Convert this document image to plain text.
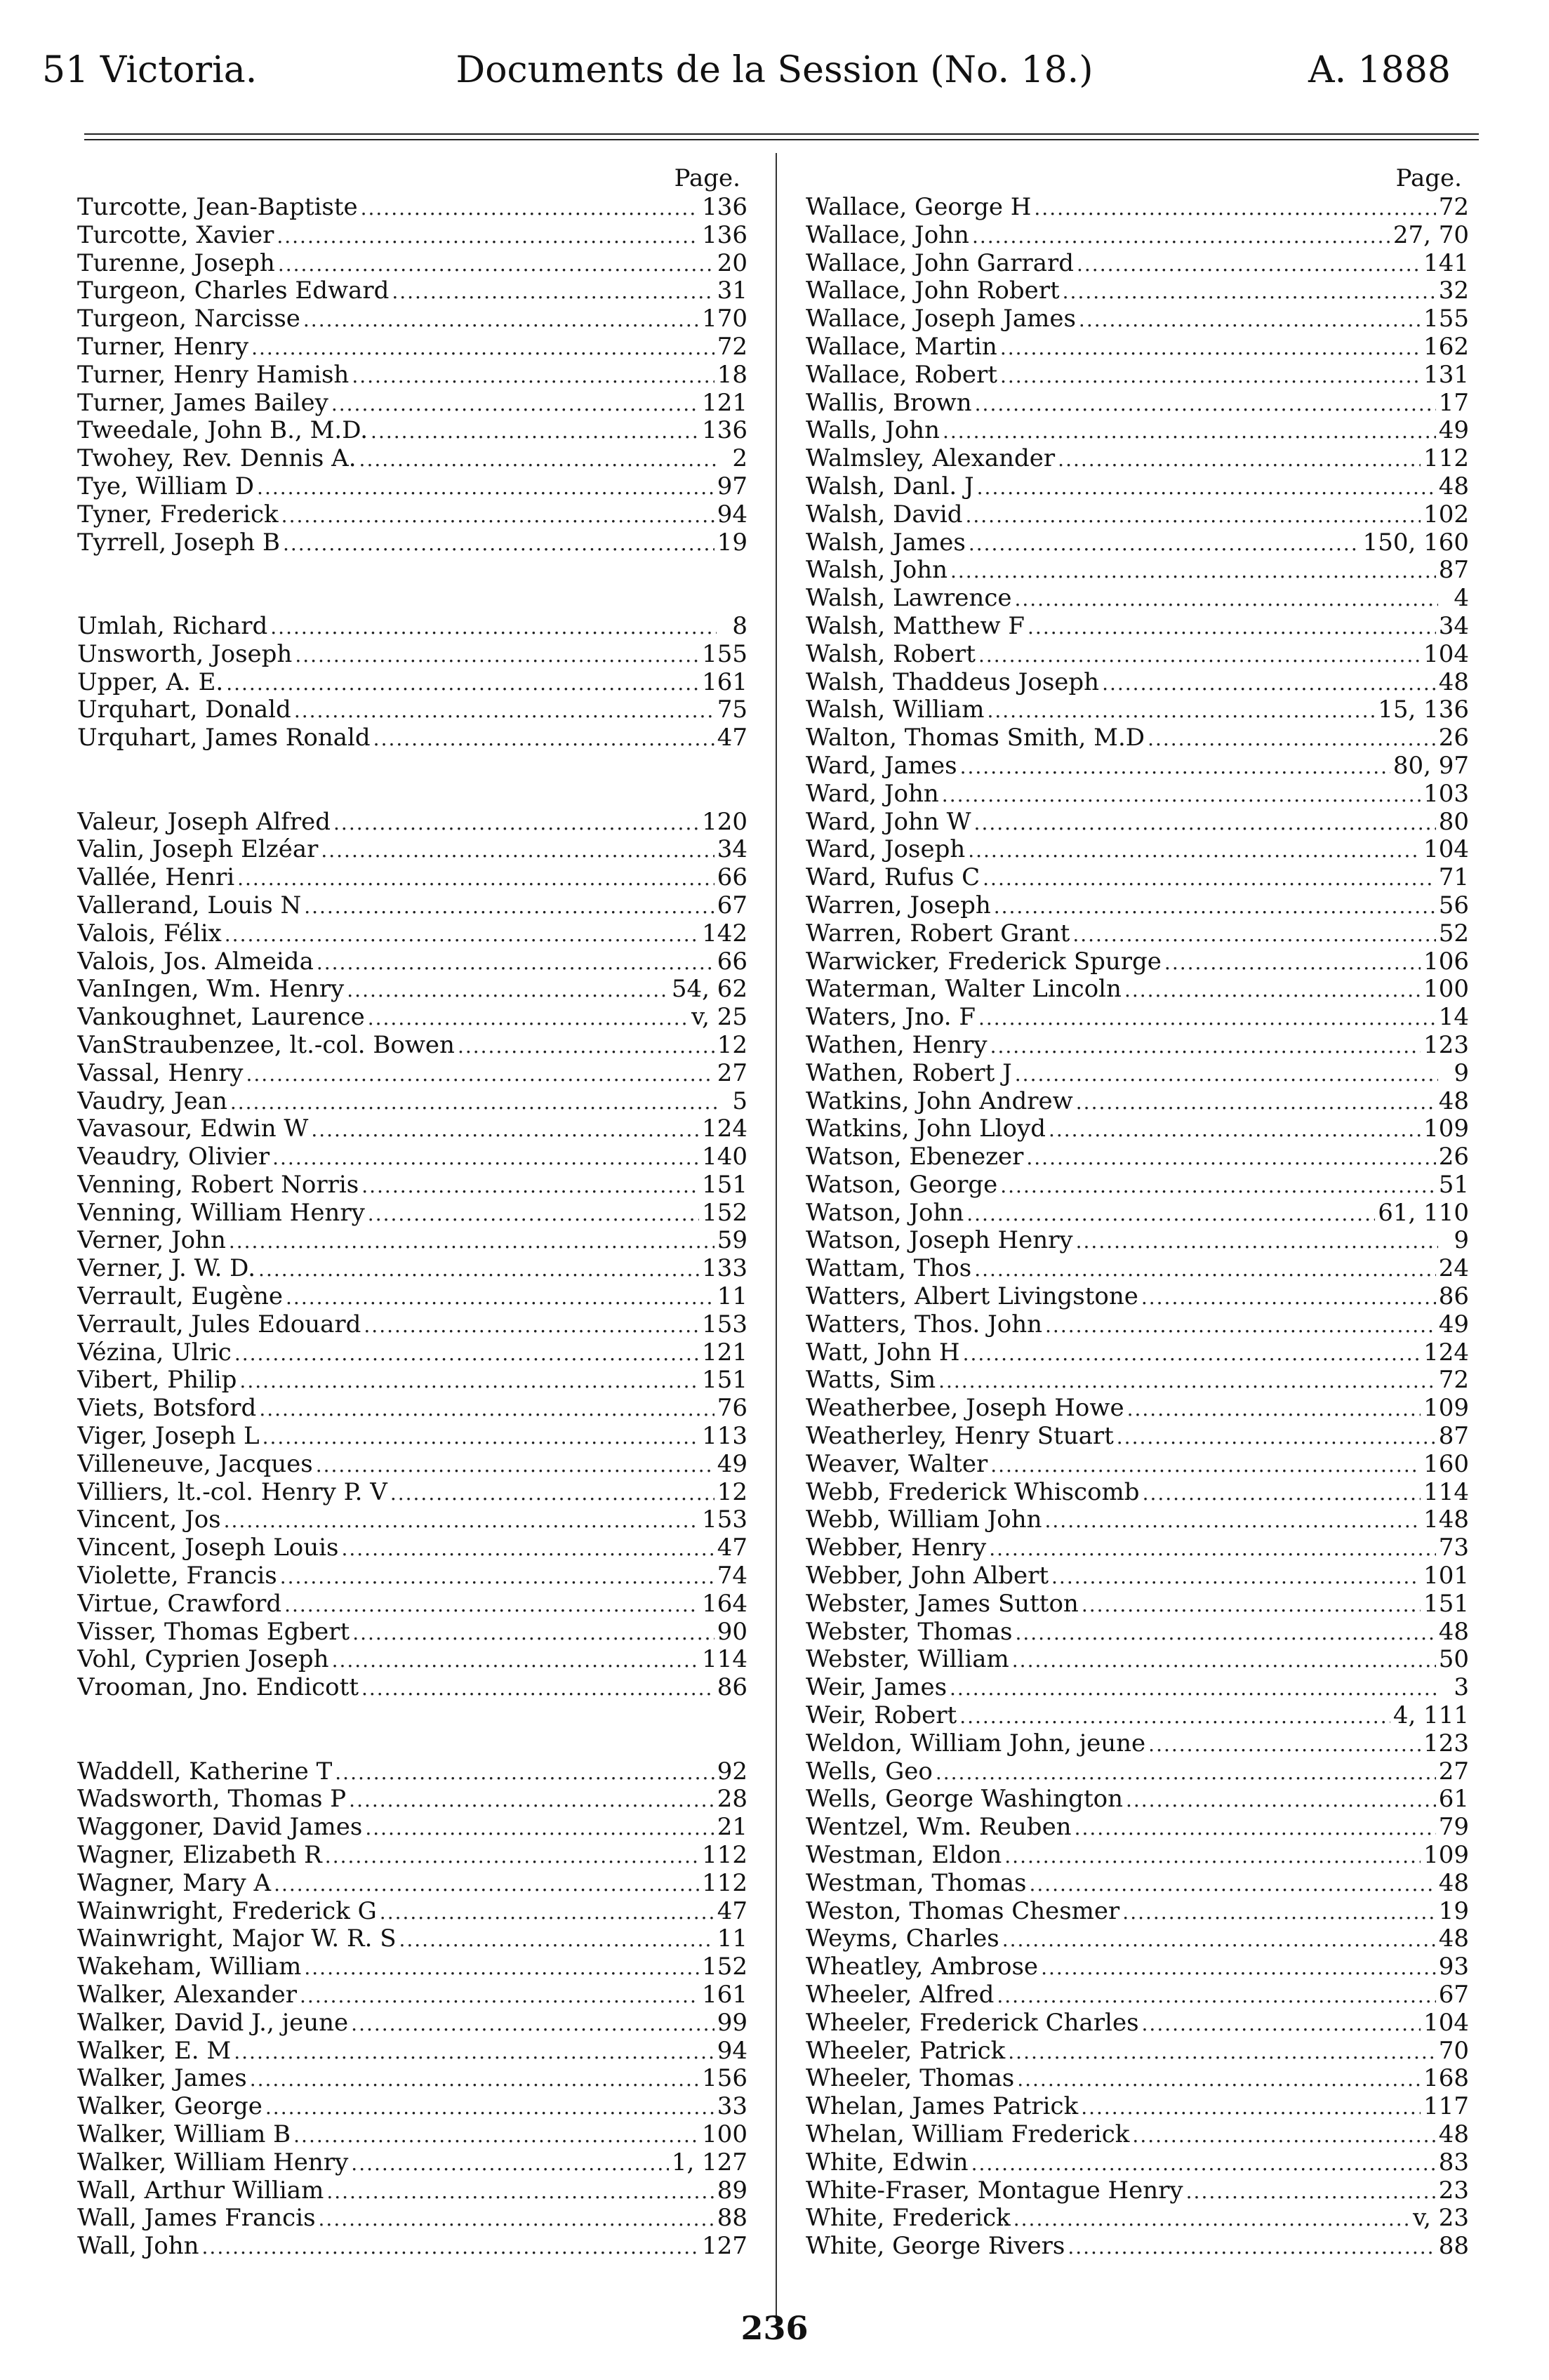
51 Victoria.	Documents de la Session (No. 18.)	A. 1888
Page.
Turcotte, Jean-Baptiste .....	136
Turcotte, Xavier .....	136
Turenne, Joseph .....	20
Turgeon, Charles Edward .....	31
Turgeon, Narcisse .....	170
Turner, Henry .....	72
Turner, Henry Hamish .....	18
Turner, James Bailey .....	121
Tweedale, John B., M.D. .....	136
Twohey, Rev. Dennis A. .....	2
Tye, William D .....	97
Tyner, Frederick .....	94
Tyrrell, Joseph B .....	19
Umlah, Richard .....	8
Unsworth, Joseph .....	155
Upper, A. E. .....	161
Urquhart, Donald .....	75
Urquhart, James Ronald .....	47
Valeur, Joseph Alfred .....	120
Valin, Joseph Elzéar .....	34
Vallée, Henri .....	66
Vallerand, Louis N .....	67
Valois, Félix .....	142
Valois, Jos. Almeida .....	66
VanIngen, Wm. Henry .....	54, 62
Vankoughnet, Laurence .....	v, 25
VanStraubenzee, lt.-col. Bowen .....	12
Vassal, Henry .....	27
Vaudry, Jean .....	5
Vavasour, Edwin W .....	124
Veaudry, Olivier .....	140
Venning, Robert Norris .....	151
Venning, William Henry .....	152
Verner, John .....	59
Verner, J. W. D. .....	133
Verrault, Eugène .....	11
Verrault, Jules Edouard .....	153
Vézina, Ulric .....	121
Vibert, Philip .....	151
Viets, Botsford .....	76
Viger, Joseph L .....	113
Villeneuve, Jacques .....	49
Villiers, lt.-col. Henry P. V .....	12
Vincent, Jos .....	153
Vincent, Joseph Louis .....	47
Violette, Francis .....	74
Virtue, Crawford .....	164
Visser, Thomas Egbert .....	90
Vohl, Cyprien Joseph .....	114
Vrooman, Jno. Endicott .....	86
Waddell, Katherine T .....	92
Wadsworth, Thomas P .....	28
Waggoner, David James .....	21
Wagner, Elizabeth R .....	112
Wagner, Mary A .....	112
Wainwright, Frederick G .....	47
Wainwright, Major W. R. S .....	11
Wakeham, William .....	152
Walker, Alexander .....	161
Walker, David J., jeune .....	99
Walker, E. M .....	94
Walker, James .....	156
Walker, George .....	33
Walker, William B .....	100
Walker, William Henry .....	1, 127
Wall, Arthur William .....	89
Wall, James Francis .....	88
Wall, John .....	127
Page.
Wallace, George H .....	72
Wallace, John .....	27, 70
Wallace, John Garrard .....	141
Wallace, John Robert .....	32
Wallace, Joseph James .....	155
Wallace, Martin .....	162
Wallace, Robert .....	131
Wallis, Brown .....	17
Walls, John .....	49
Walmsley, Alexander .....	112
Walsh, Danl. J .....	48
Walsh, David .....	102
Walsh, James .....	150, 160
Walsh, John .....	87
Walsh, Lawrence .....	4
Walsh, Matthew F .....	34
Walsh, Robert .....	104
Walsh, Thaddeus Joseph .....	48
Walsh, William .....	15, 136
Walton, Thomas Smith, M.D .....	26
Ward, James .....	80, 97
Ward, John .....	103
Ward, John W .....	80
Ward, Joseph .....	104
Ward, Rufus C .....	71
Warren, Joseph .....	56
Warren, Robert Grant .....	52
Warwicker, Frederick Spurge .....	106
Waterman, Walter Lincoln .....	100
Waters, Jno. F .....	14
Wathen, Henry .....	123
Wathen, Robert J .....	9
Watkins, John Andrew .....	48
Watkins, John Lloyd .....	109
Watson, Ebenezer .....	26
Watson, George .....	51
Watson, John .....	61, 110
Watson, Joseph Henry .....	9
Wattam, Thos .....	24
Watters, Albert Livingstone .....	86
Watters, Thos. John .....	49
Watt, John H .....	124
Watts, Sim .....	72
Weatherbee, Joseph Howe .....	109
Weatherley, Henry Stuart .....	87
Weaver, Walter .....	160
Webb, Frederick Whiscomb .....	114
Webb, William John .....	148
Webber, Henry .....	73
Webber, John Albert .....	101
Webster, James Sutton .....	151
Webster, Thomas .....	48
Webster, William .....	50
Weir, James .....	3
Weir, Robert .....	4, 111
Weldon, William John, jeune .....	123
Wells, Geo .....	27
Wells, George Washington .....	61
Wentzel, Wm. Reuben .....	79
Westman, Eldon .....	109
Westman, Thomas .....	48
Weston, Thomas Chesmer .....	19
Weyms, Charles .....	48
Wheatley, Ambrose .....	93
Wheeler, Alfred .....	67
Wheeler, Frederick Charles .....	104
Wheeler, Patrick .....	70
Wheeler, Thomas .....	168
Whelan, James Patrick .....	117
Whelan, William Frederick .....	48
White, Edwin .....	83
White-Fraser, Montague Henry .....	23
White, Frederick .....	v, 23
White, George Rivers .....	88
236
